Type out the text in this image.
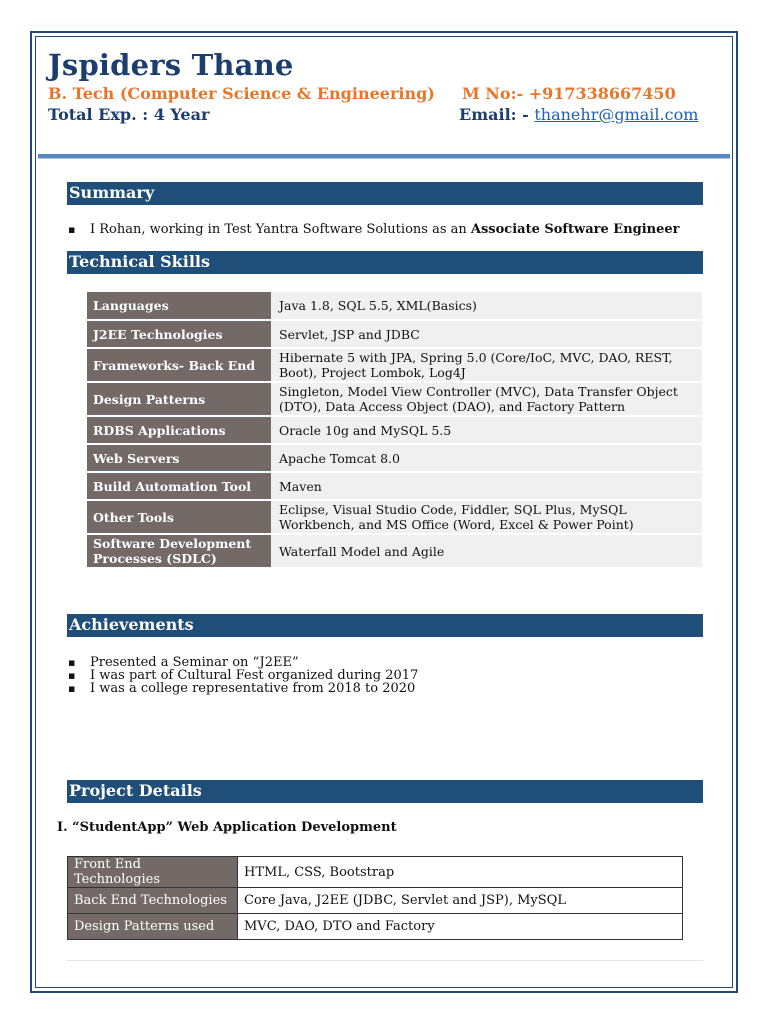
Jspiders Thane
B. Tech (Computer Science & Engineering) M No:- +917338667450
Total Exp. : 4 Year	Email: - thanehr@gmail.com
Summary
▪ I Rohan, working in Test Yantra Software Solutions as an Associate Software Engineer
Technical Skills
Languages	Java 1.8, SQL 5.5, XML(Basics)
J2EE Technologies	Servlet, JSP and JDBC
Frameworks- Back End	Hibernate 5 with JPA, Spring 5.0 (Core/IoC, MVC, DAO, REST, Boot), Project Lombok, Log4J
Design Patterns	Singleton, Model View Controller (MVC), Data Transfer Object (DTO), Data Access Object (DAO), and Factory Pattern
RDBS Applications	Oracle 10g and MySQL 5.5
Web Servers	Apache Tomcat 8.0
Build Automation Tool	Maven
Other Tools	Eclipse, Visual Studio Code, Fiddler, SQL Plus, MySQL Workbench, and MS Office (Word, Excel & Power Point)
Software Development Processes (SDLC)	Waterfall Model and Agile
Achievements
▪ Presented a Seminar on “J2EE”
▪ I was part of Cultural Fest organized during 2017
▪ I was a college representative from 2018 to 2020
Project Details
I. “StudentApp” Web Application Development
Front End Technologies	HTML, CSS, Bootstrap
Back End Technologies	Core Java, J2EE (JDBC, Servlet and JSP), MySQL
Design Patterns used	MVC, DAO, DTO and Factory
